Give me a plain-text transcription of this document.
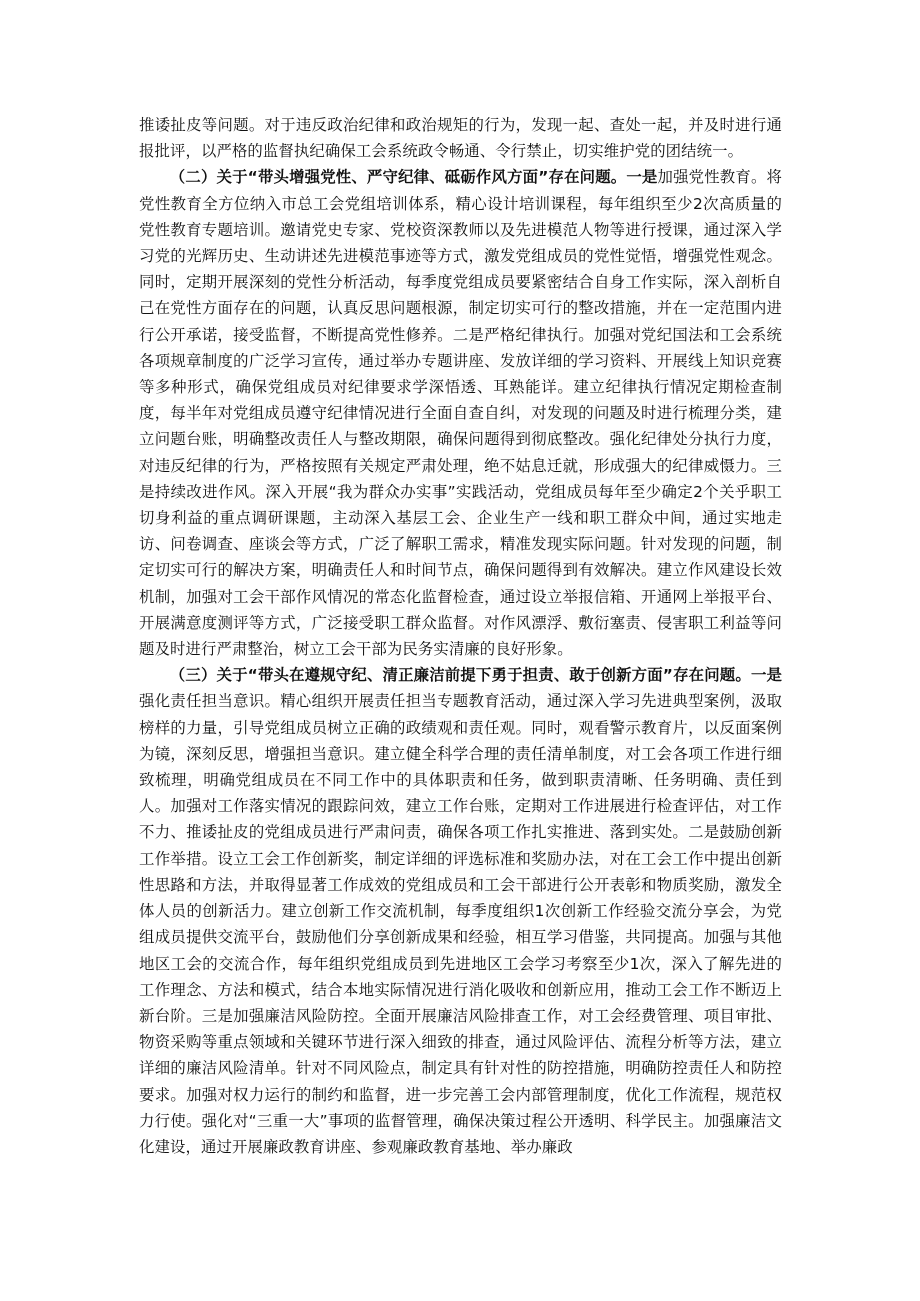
推诿扯皮等问题。对于违反政治纪律和政治规矩的行为，发现一起、查处一起，并及时进行通报批评，以严格的监督执纪确保工会系统政令畅通、令行禁止，切实维护党的团结统一。

（二）关于“带头增强党性、严守纪律、砥砺作风方面”存在问题。一是加强党性教育。将党性教育全方位纳入市总工会党组培训体系，精心设计培训课程，每年组织至少2次高质量的党性教育专题培训。邀请党史专家、党校资深教师以及先进模范人物等进行授课，通过深入学习党的光辉历史、生动讲述先进模范事迹等方式，激发党组成员的党性觉悟，增强党性观念。同时，定期开展深刻的党性分析活动，每季度党组成员要紧密结合自身工作实际，深入剖析自己在党性方面存在的问题，认真反思问题根源，制定切实可行的整改措施，并在一定范围内进行公开承诺，接受监督，不断提高党性修养。二是严格纪律执行。加强对党纪国法和工会系统各项规章制度的广泛学习宣传，通过举办专题讲座、发放详细的学习资料、开展线上知识竞赛等多种形式，确保党组成员对纪律要求学深悟透、耳熟能详。建立纪律执行情况定期检查制度，每半年对党组成员遵守纪律情况进行全面自查自纠，对发现的问题及时进行梳理分类，建立问题台账，明确整改责任人与整改期限，确保问题得到彻底整改。强化纪律处分执行力度，对违反纪律的行为，严格按照有关规定严肃处理，绝不姑息迁就，形成强大的纪律威慑力。三是持续改进作风。深入开展“我为群众办实事”实践活动，党组成员每年至少确定2个关乎职工切身利益的重点调研课题，主动深入基层工会、企业生产一线和职工群众中间，通过实地走访、问卷调查、座谈会等方式，广泛了解职工需求，精准发现实际问题。针对发现的问题，制定切实可行的解决方案，明确责任人和时间节点，确保问题得到有效解决。建立作风建设长效机制，加强对工会干部作风情况的常态化监督检查，通过设立举报信箱、开通网上举报平台、开展满意度测评等方式，广泛接受职工群众监督。对作风漂浮、敷衍塞责、侵害职工利益等问题及时进行严肃整治，树立工会干部为民务实清廉的良好形象。

（三）关于“带头在遵规守纪、清正廉洁前提下勇于担责、敢于创新方面”存在问题。一是强化责任担当意识。精心组织开展责任担当专题教育活动，通过深入学习先进典型案例，汲取榜样的力量，引导党组成员树立正确的政绩观和责任观。同时，观看警示教育片，以反面案例为镜，深刻反思，增强担当意识。建立健全科学合理的责任清单制度，对工会各项工作进行细致梳理，明确党组成员在不同工作中的具体职责和任务，做到职责清晰、任务明确、责任到人。加强对工作落实情况的跟踪问效，建立工作台账，定期对工作进展进行检查评估，对工作不力、推诿扯皮的党组成员进行严肃问责，确保各项工作扎实推进、落到实处。二是鼓励创新工作举措。设立工会工作创新奖，制定详细的评选标准和奖励办法，对在工会工作中提出创新性思路和方法，并取得显著工作成效的党组成员和工会干部进行公开表彰和物质奖励，激发全体人员的创新活力。建立创新工作交流机制，每季度组织1次创新工作经验交流分享会，为党组成员提供交流平台，鼓励他们分享创新成果和经验，相互学习借鉴，共同提高。加强与其他地区工会的交流合作，每年组织党组成员到先进地区工会学习考察至少1次，深入了解先进的工作理念、方法和模式，结合本地实际情况进行消化吸收和创新应用，推动工会工作不断迈上新台阶。三是加强廉洁风险防控。全面开展廉洁风险排查工作，对工会经费管理、项目审批、物资采购等重点领域和关键环节进行深入细致的排查，通过风险评估、流程分析等方法，建立详细的廉洁风险清单。针对不同风险点，制定具有针对性的防控措施，明确防控责任人和防控要求。加强对权力运行的制约和监督，进一步完善工会内部管理制度，优化工作流程，规范权力行使。强化对“三重一大”事项的监督管理，确保决策过程公开透明、科学民主。加强廉洁文化建设，通过开展廉政教育讲座、参观廉政教育基地、举办廉政
